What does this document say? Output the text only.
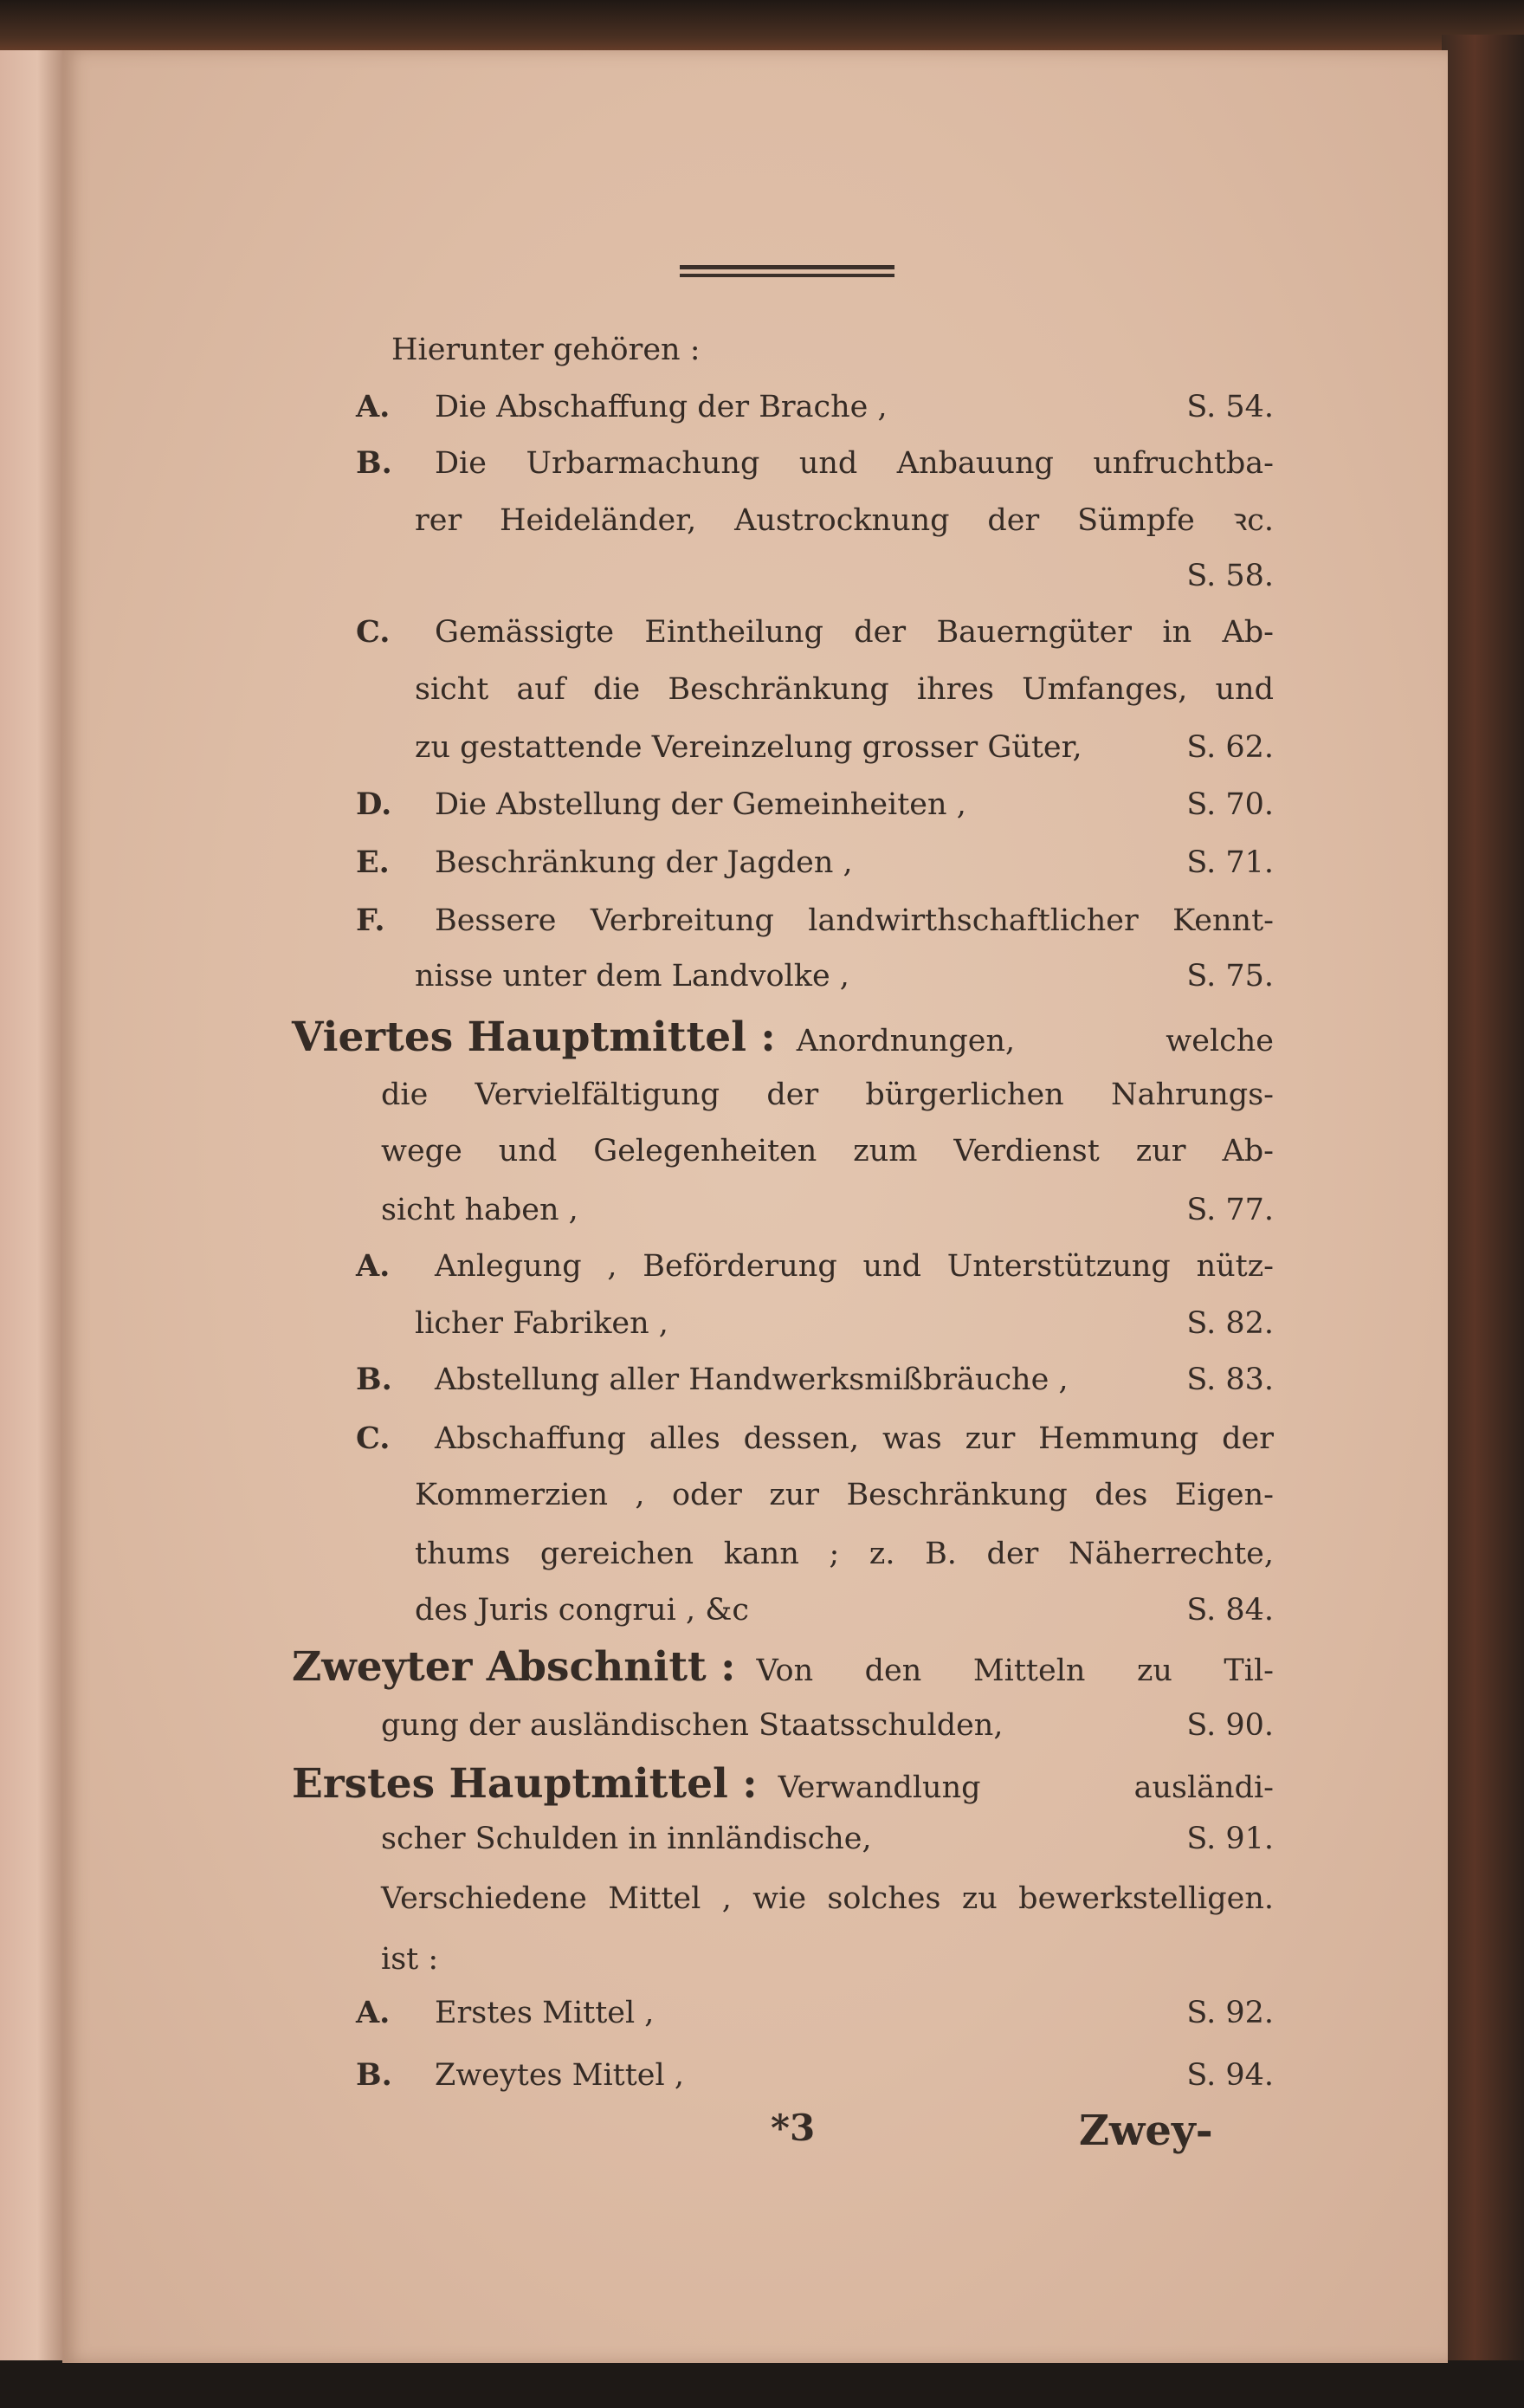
Hierunter gehören :
A.	Die Abschaffung der Brache ,	S. 54.
B.	Die Urbarmachung und Anbauung unfruchtba-
rer Heideländer, Austrocknung der Sümpfe ꝛc.
S. 58.
C.	Gemässigte Eintheilung der Bauerngüter in Ab-
sicht auf die Beschränkung ihres Umfanges, und
zu gestattende Vereinzelung grosser Güter,	S. 62.
D.	Die Abstellung der Gemeinheiten ,	S. 70.
E.	Beschränkung der Jagden ,	S. 71.
F.	Bessere Verbreitung landwirthschaftlicher Kennt-
nisse unter dem Landvolke ,	S. 75.
Viertes Hauptmittel : Anordnungen, welche
die Vervielfältigung der bürgerlichen Nahrungs-
wege und Gelegenheiten zum Verdienst zur Ab-
sicht haben ,	S. 77.
A.	Anlegung , Beförderung und Unterstützung nütz-
licher Fabriken ,	S. 82.
B.	Abstellung aller Handwerksmißbräuche ,	S. 83.
C.	Abschaffung alles dessen, was zur Hemmung der
Kommerzien , oder zur Beschränkung des Eigen-
thums gereichen kann ; z. B. der Näherrechte,
des Juris congrui , &c	S. 84.
Zweyter Abschnitt : Von den Mitteln zu Til-
gung der ausländischen Staatsschulden,	S. 90.
Erstes Hauptmittel : Verwandlung ausländi-
scher Schulden in innländische,	S. 91.
Verschiedene Mittel , wie solches zu bewerkstelligen.
ist :
A.	Erstes Mittel ,	S. 92.
B.	Zweytes Mittel ,	S. 94.
*3	Zwey-
